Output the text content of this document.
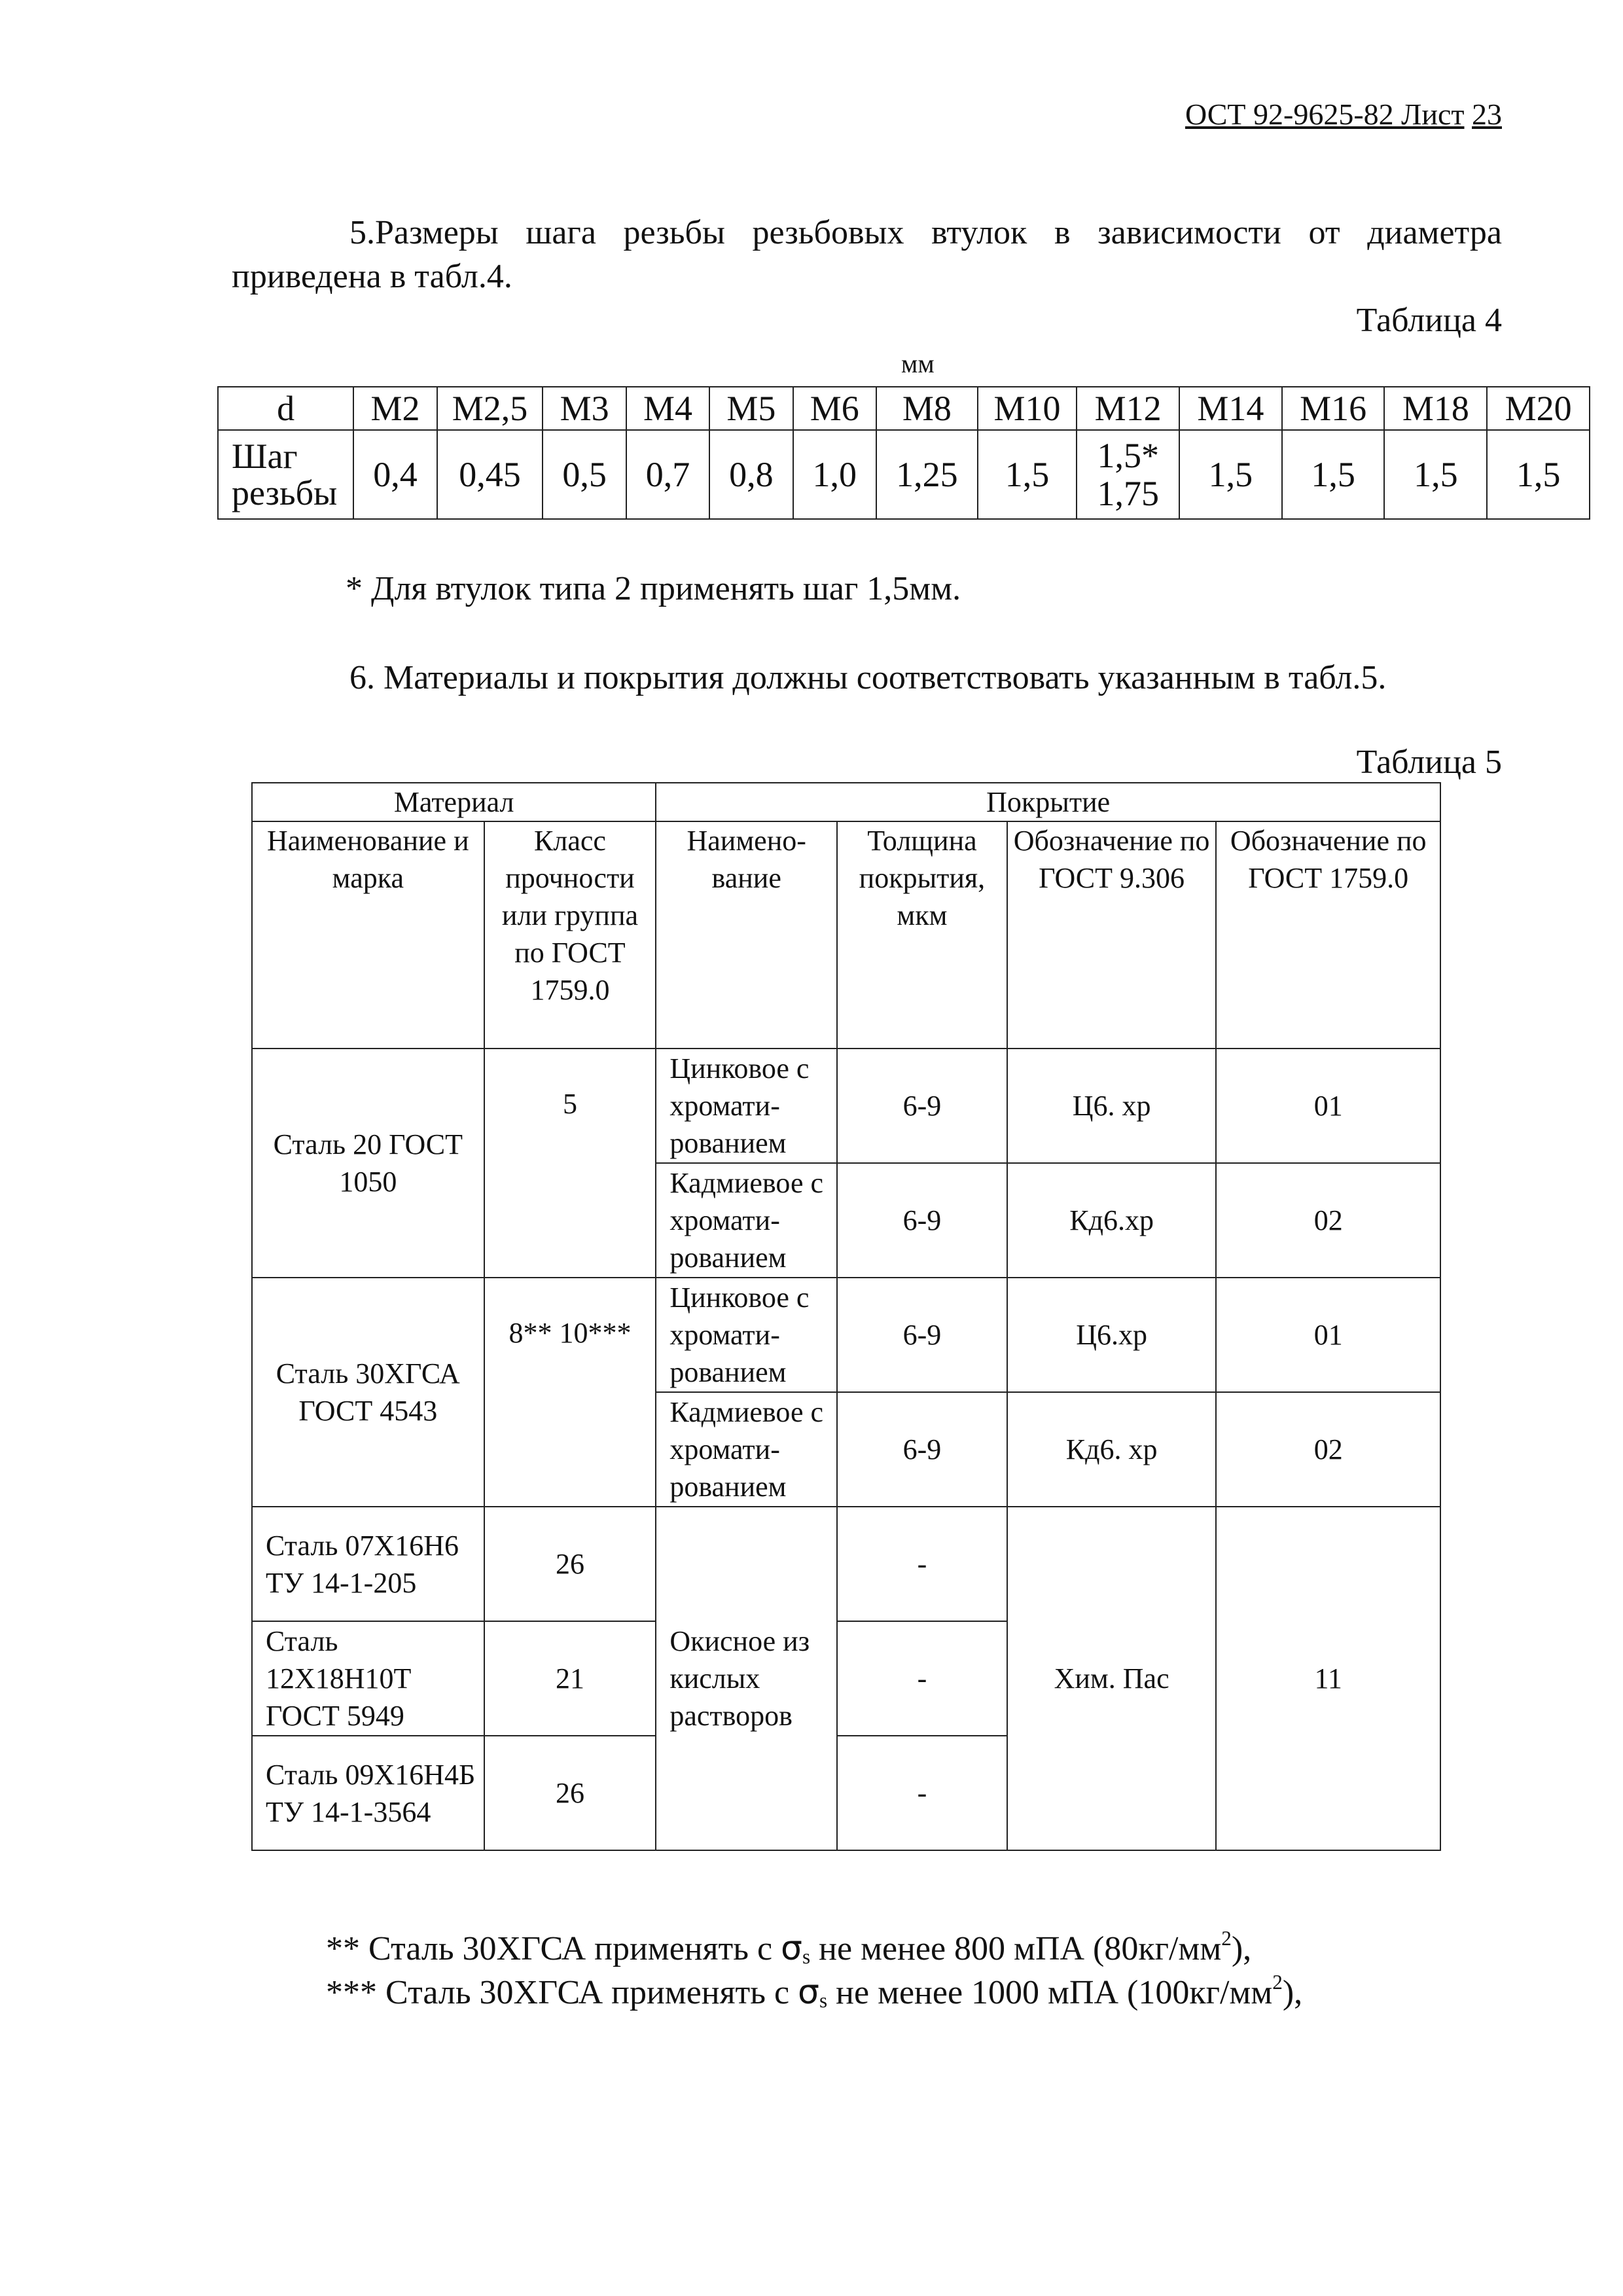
ОСТ 92-9625-82 Лист 23
5.Размеры шага резьбы резьбовых втулок в зависимости от диаметра приведена в табл.4.
Таблица 4
мм
d	М2	М2,5	М3	М4	М5	М6	М8	М10	М12	М14	М16	М18	М20
Шаг резьбы	0,4	0,45	0,5	0,7	0,8	1,0	1,25	1,5	1,5* 1,75	1,5	1,5	1,5	1,5
* Для втулок типа 2 применять шаг 1,5мм.
6. Материалы и покрытия должны соответствовать указанным в табл.5.
Таблица 5
Материал		Покрытие			
Наименование и марка	Класс прочности или группа по ГОСТ 1759.0	Наимено-вание	Толщина покрытия, мкм	Обозначение по ГОСТ 9.306	Обозначение по ГОСТ 1759.0
Сталь 20 ГОСТ 1050	5	Цинковое с хромати-рованием	6-9	Ц6. хр	01
		Кадмиевое с хромати-рованием	6-9	Кд6.хр	02
Сталь 30ХГСА ГОСТ 4543	8** 10***	Цинковое с хромати-рованием	6-9	Ц6.хр	01
		Кадмиевое с хромати-рованием	6-9	Кд6. хр	02
Сталь 07Х16Н6 ТУ 14-1-205	26	Окисное из кислых растворов	-	Хим. Пас	11
Сталь 12Х18Н10Т ГОСТ 5949	21		-		
Сталь 09Х16Н4Б ТУ 14-1-3564	26		-		
** Сталь 30ХГСА применять с $\sigma_s$ не менее 800 мПА $(80кг/мм^2)$,
*** Сталь 30ХГСА применять с $\sigma_s$ не менее 1000 мПА $(100кг/мм^2)$,
